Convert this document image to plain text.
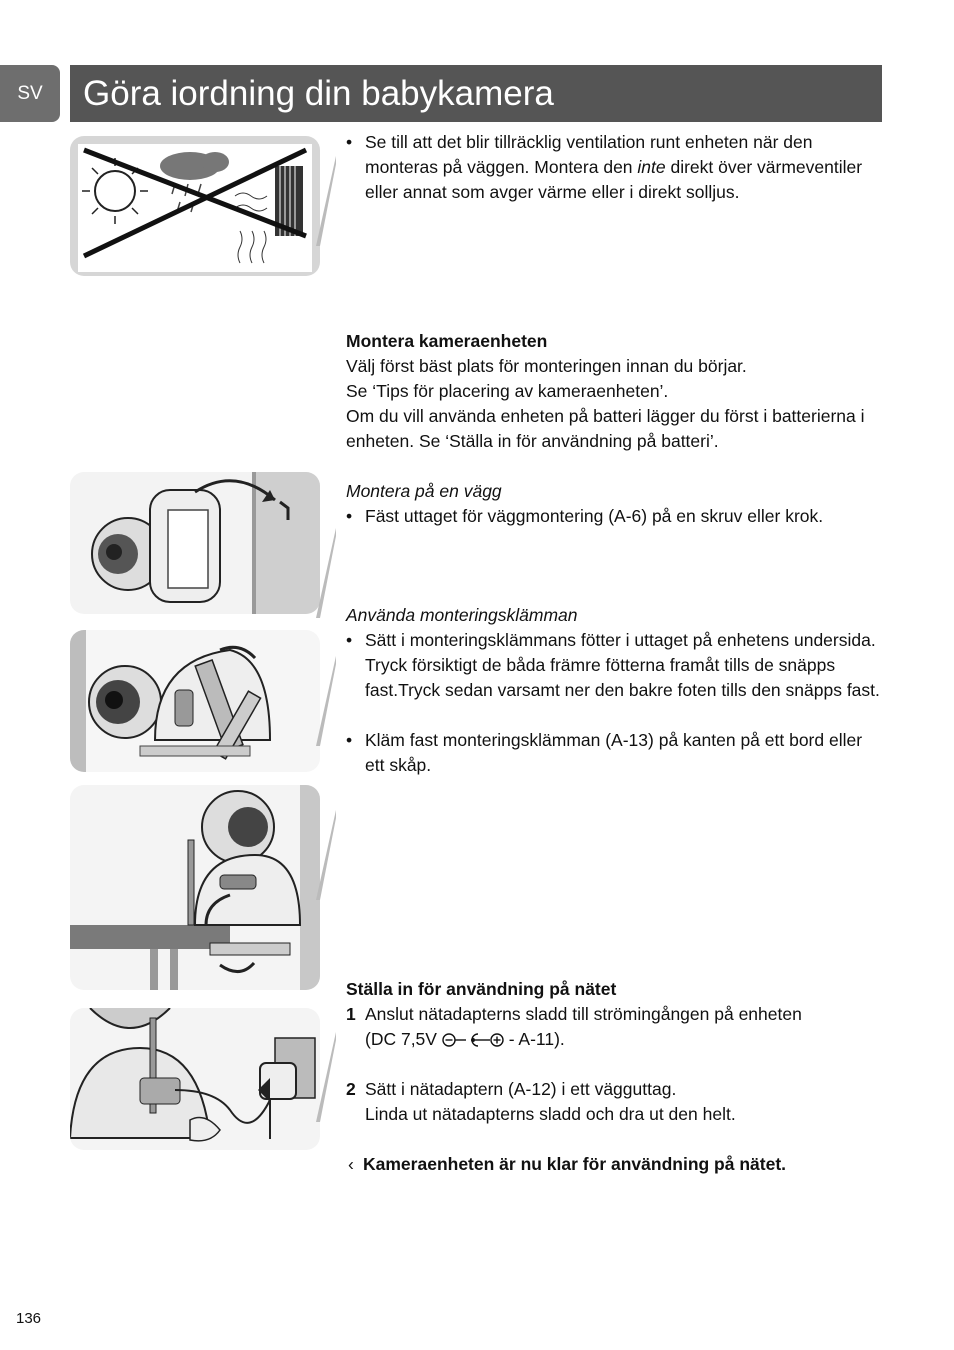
SV	Göra iordning din babykamera
• Se till att det blir tillräcklig ventilation runt enheten när den monteras på väggen. Montera den inte direkt över värmeventiler eller annat som avger värme eller i direkt solljus.
Montera kameraenheten
Välj först bäst plats för monteringen innan du börjar.
Se ‘Tips för placering av kameraenheten’.
Om du vill använda enheten på batteri lägger du först i batterierna i enheten. Se ‘Ställa in för användning på batteri’.
Montera på en vägg
• Fäst uttaget för väggmontering (A-6) på en skruv eller krok.
Använda monteringsklämman
• Sätt i monteringsklämmans fötter i uttaget på enhetens undersida.
Tryck försiktigt de båda främre fötterna framåt tills de snäpps fast.Tryck sedan varsamt ner den bakre foten tills den snäpps fast.
• Kläm fast monteringsklämman (A-13) på kanten på ett bord eller ett skåp.
Ställa in för användning på nätet
1 Anslut nätadapterns sladd till strömingången på enheten
(DC 7,5V	- A-11).
2 Sätt i nätadaptern (A-12) i ett vägguttag.
Linda ut nätadapterns sladd och dra ut den helt.
‹ Kameraenheten är nu klar för användning på nätet.
136
